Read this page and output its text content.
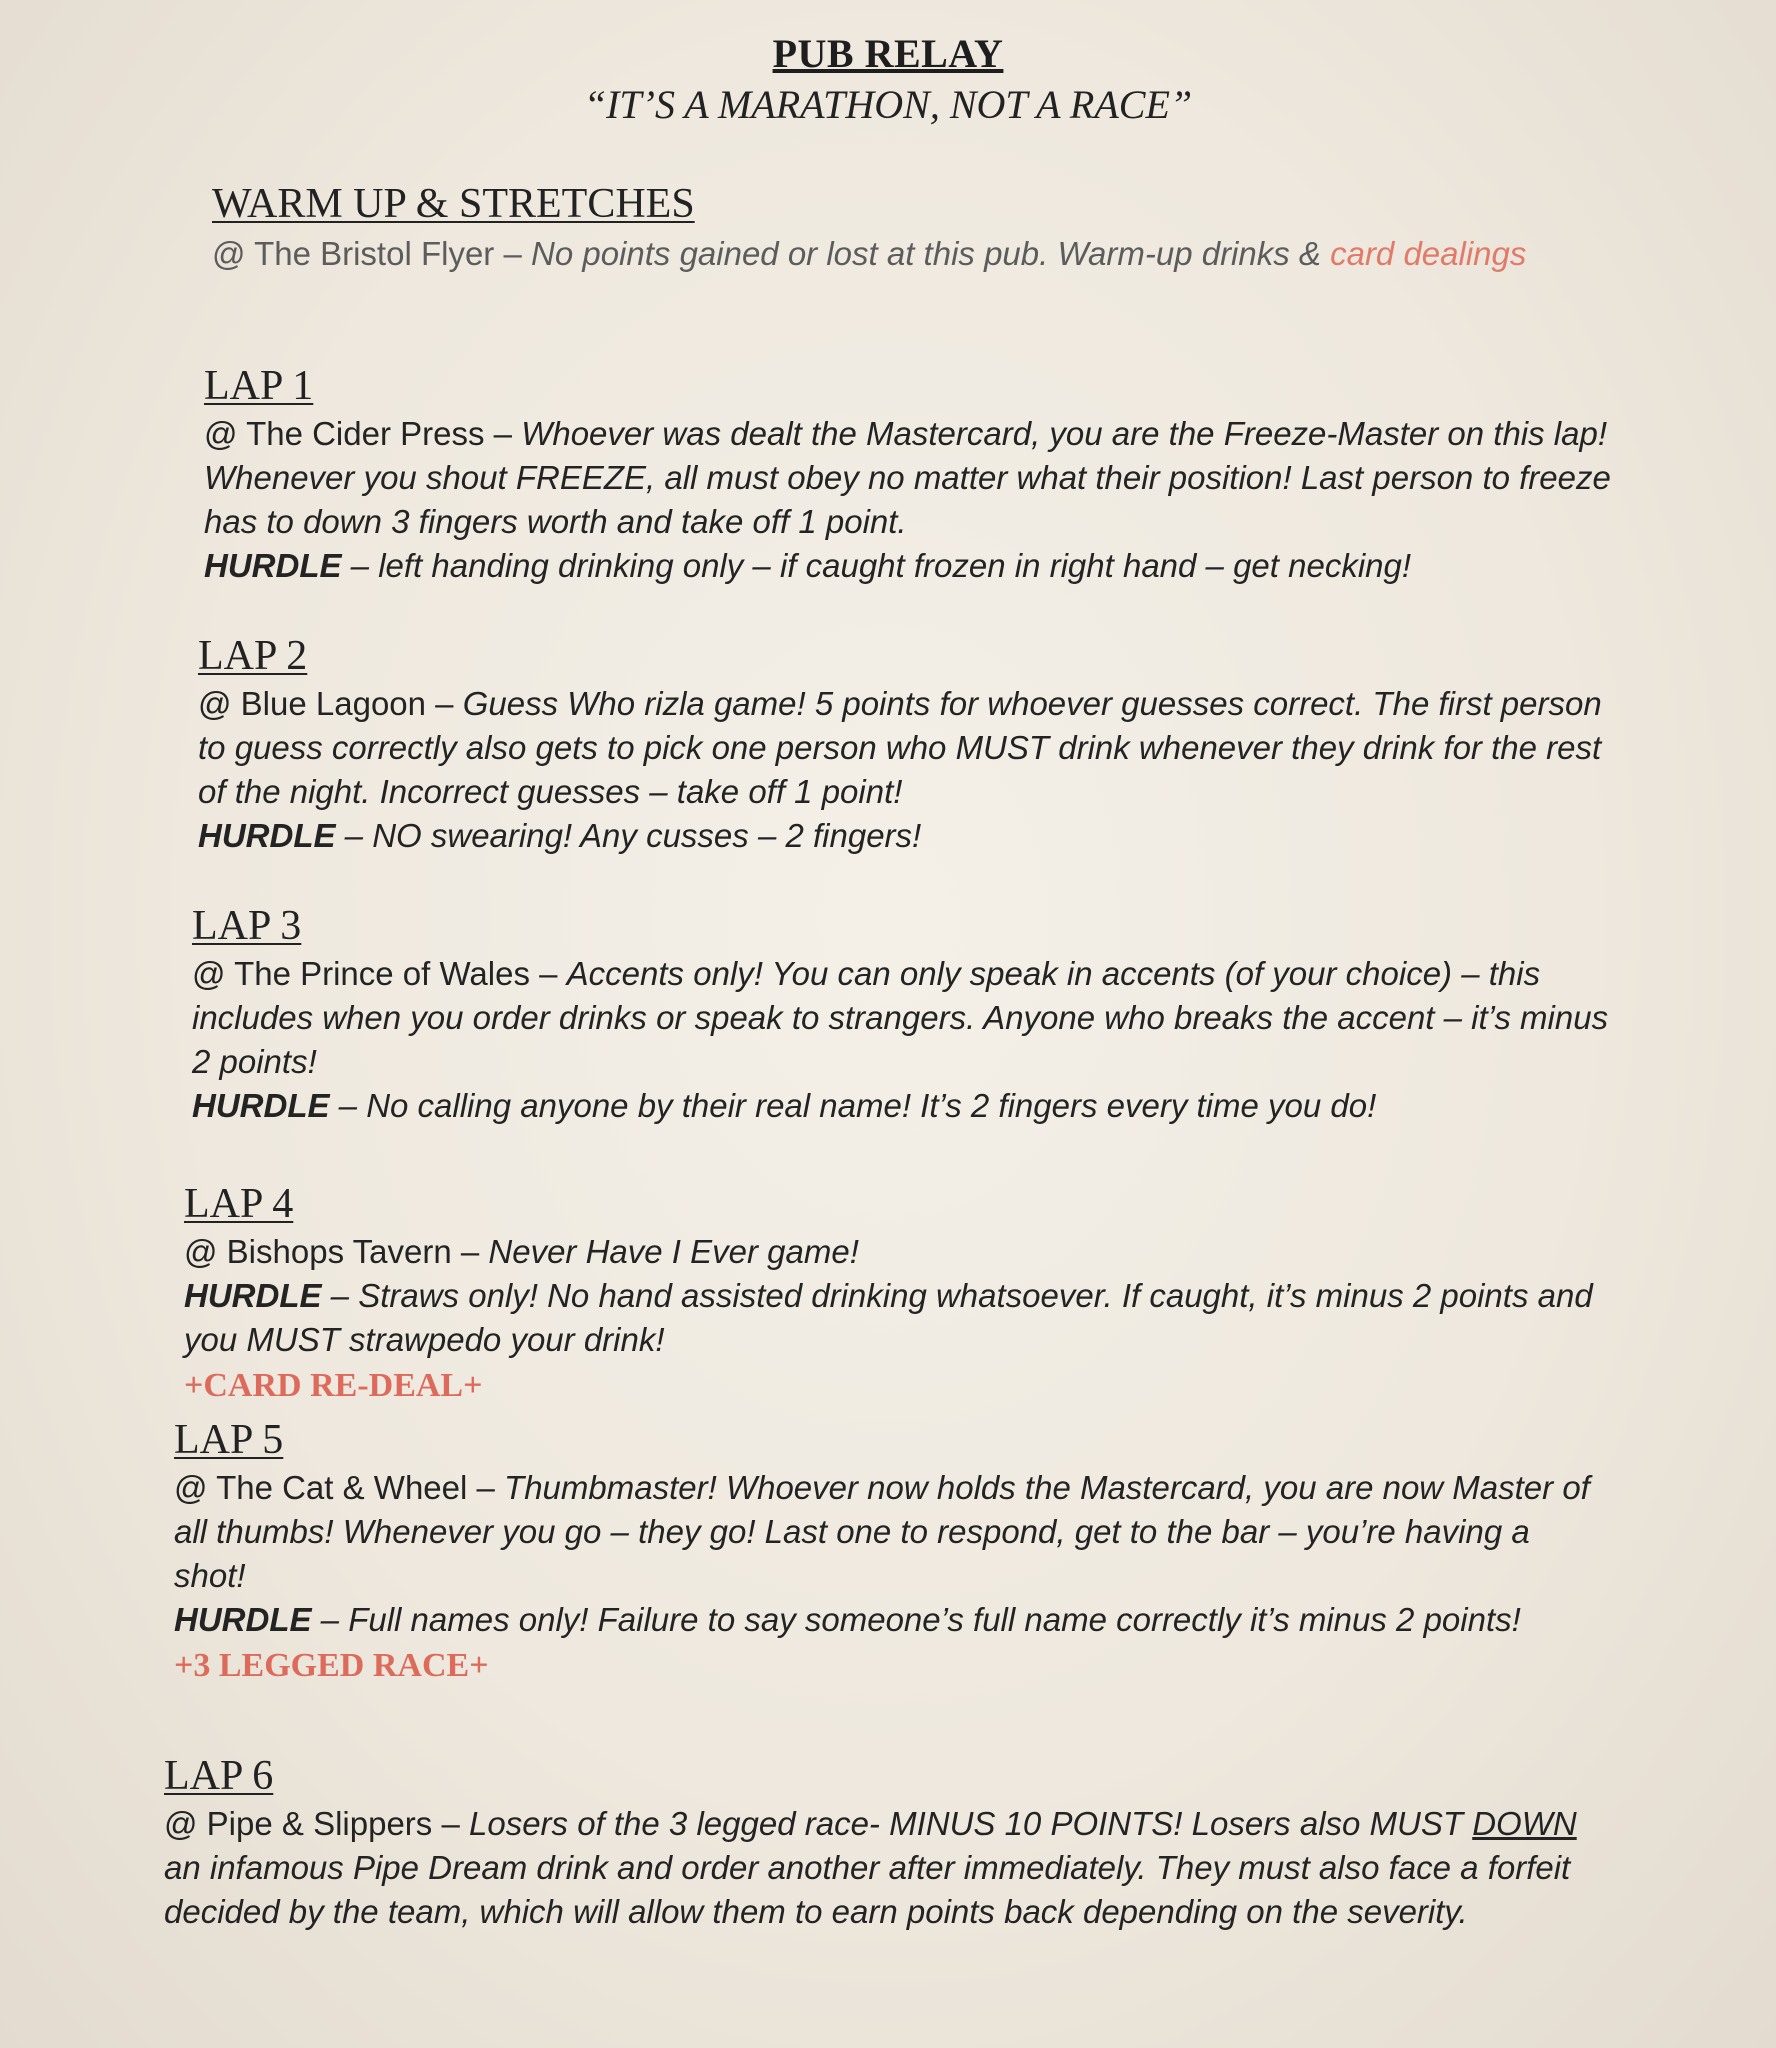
PUB RELAY
“IT’S A MARATHON, NOT A RACE”
WARM UP & STRETCHES
@ The Bristol Flyer – No points gained or lost at this pub. Warm-up drinks & card dealings
LAP 1
@ The Cider Press – Whoever was dealt the Mastercard, you are the Freeze-Master on this lap! Whenever you shout FREEZE, all must obey no matter what their position! Last person to freeze has to down 3 fingers worth and take off 1 point.
HURDLE – left handing drinking only – if caught frozen in right hand – get necking!
LAP 2
@ Blue Lagoon – Guess Who rizla game! 5 points for whoever guesses correct. The first person to guess correctly also gets to pick one person who MUST drink whenever they drink for the rest of the night. Incorrect guesses – take off 1 point!
HURDLE – NO swearing! Any cusses – 2 fingers!
LAP 3
@ The Prince of Wales – Accents only! You can only speak in accents (of your choice) – this includes when you order drinks or speak to strangers. Anyone who breaks the accent – it’s minus 2 points!
HURDLE – No calling anyone by their real name! It’s 2 fingers every time you do!
LAP 4
@ Bishops Tavern – Never Have I Ever game!
HURDLE – Straws only! No hand assisted drinking whatsoever. If caught, it’s minus 2 points and you MUST strawpedo your drink!
+CARD RE-DEAL+
LAP 5
@ The Cat & Wheel – Thumbmaster! Whoever now holds the Mastercard, you are now Master of all thumbs! Whenever you go – they go! Last one to respond, get to the bar – you’re having a shot!
HURDLE – Full names only! Failure to say someone’s full name correctly it’s minus 2 points!
+3 LEGGED RACE+
LAP 6
@ Pipe & Slippers – Losers of the 3 legged race- MINUS 10 POINTS! Losers also MUST DOWN an infamous Pipe Dream drink and order another after immediately. They must also face a forfeit decided by the team, which will allow them to earn points back depending on the severity.
